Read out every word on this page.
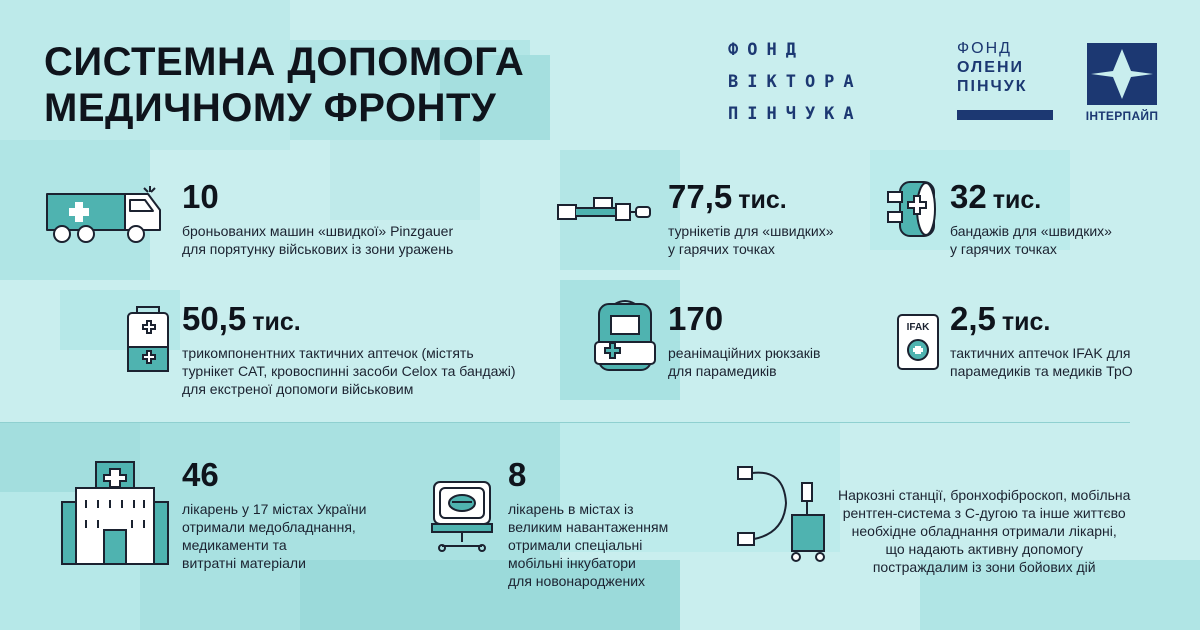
СИСТЕМНА ДОПОМОГА
МЕДИЧНОМУ ФРОНТУ
ФОНД
ВІКТОРА
ПІНЧУКА
ФОНД
ОЛЕНИ
ПІНЧУК
ІНТЕРПАЙП
IFAK
10
броньованих машин «швидкої» Pinzgauer
для порятунку військових із зони уражень
77,5 тис.
турнікетів для «швидких»
у гарячих точках
32 тис.
бандажів для «швидких»
у гарячих точках
50,5 тис.
трикомпонентних тактичних аптечок (містять
турнікет CAT, кровоспинні засоби Celox та бандажі)
для екстреної допомоги військовим
170
реанімаційних рюкзаків
для парамедиків
2,5 тис.
тактичних аптечок IFAK для
парамедиків та медиків ТрО
46
лікарень у 17 містах України
отримали медобладнання,
медикаменти та
витратні матеріали
8
лікарень в містах із
великим навантаженням
отримали спеціальні
мобільні інкубатори
для новонароджених
Наркозні станції, бронхофіброскоп, мобільна
рентген-система з С-дугою та інше життєво
необхідне обладнання отримали лікарні,
що надають активну допомогу
постраждалим із зони бойових дій
